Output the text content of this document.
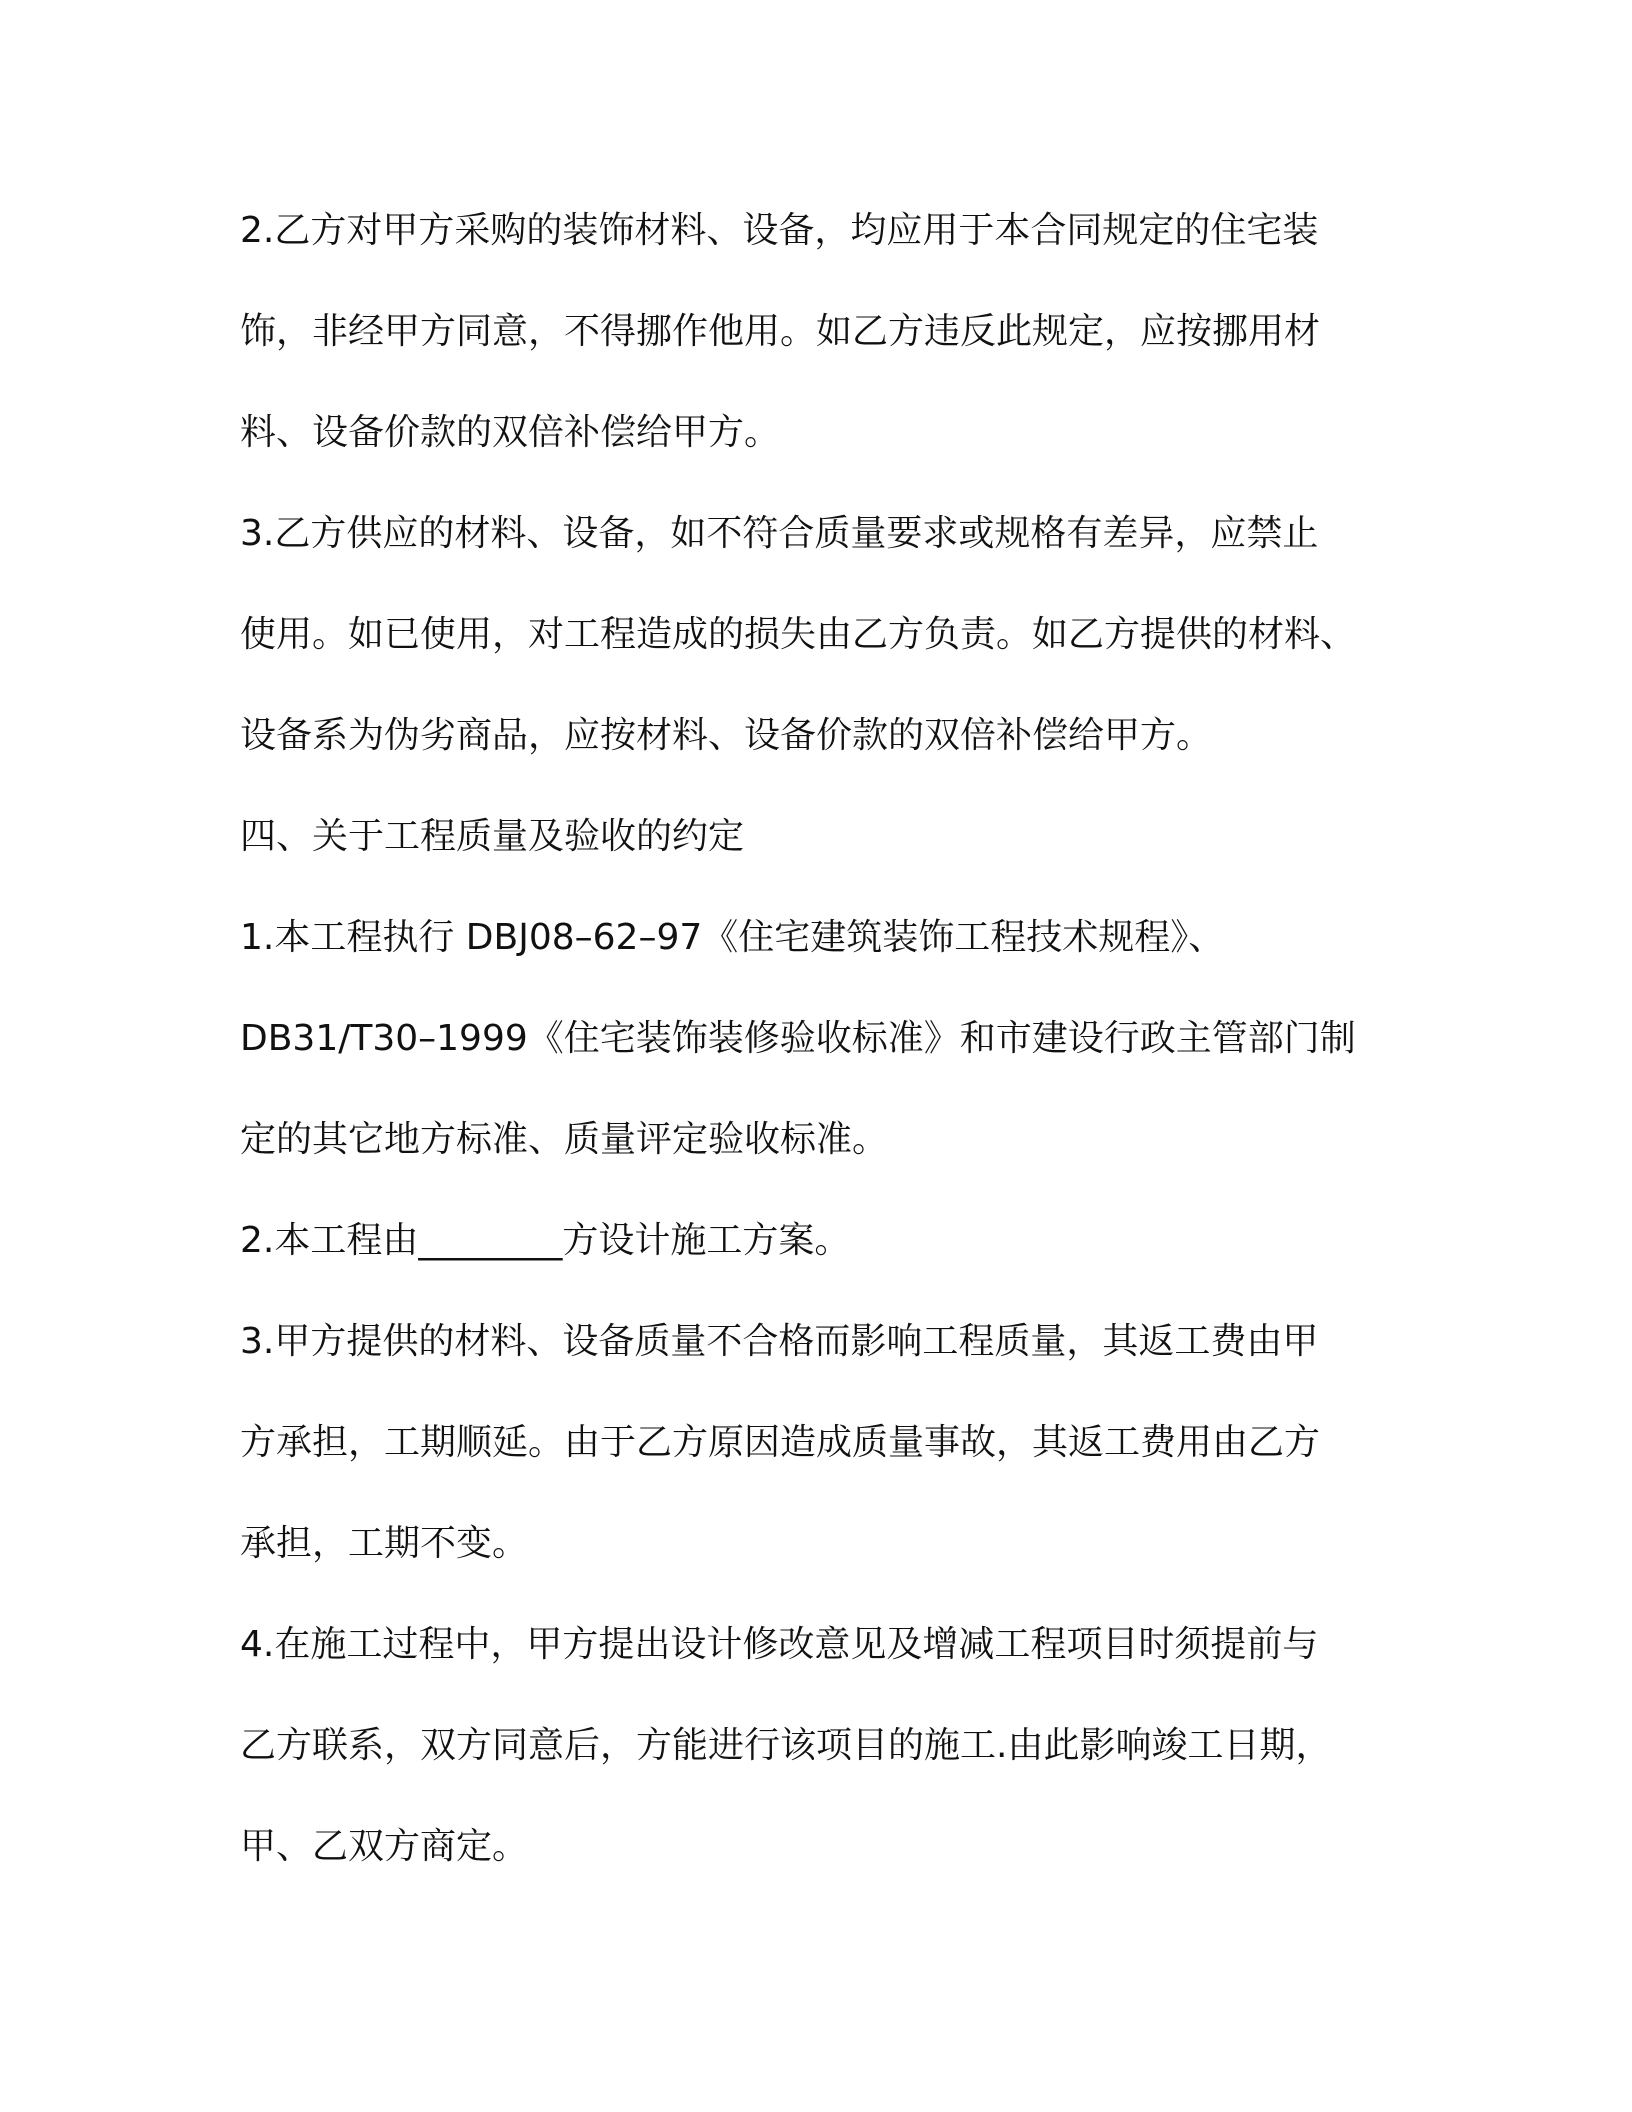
2.乙方对甲方采购的装饰材料、设备，均应用于本合同规定的住宅装
饰，非经甲方同意，不得挪作他用。如乙方违反此规定，应按挪用材
料、设备价款的双倍补偿给甲方。
3.乙方供应的材料、设备，如不符合质量要求或规格有差异，应禁止
使用。如已使用，对工程造成的损失由乙方负责。如乙方提供的材料、
设备系为伪劣商品，应按材料、设备价款的双倍补偿给甲方。
四、关于工程质量及验收的约定
1.本工程执行 DBJ08–62–97《住宅建筑装饰工程技术规程》、
DB31/T30–1999《住宅装饰装修验收标准》和市建设行政主管部门制
定的其它地方标准、质量评定验收标准。
2.本工程由________方设计施工方案。
3.甲方提供的材料、设备质量不合格而影响工程质量，其返工费由甲
方承担，工期顺延。由于乙方原因造成质量事故，其返工费用由乙方
承担，工期不变。
4.在施工过程中，甲方提出设计修改意见及增减工程项目时须提前与
乙方联系，双方同意后，方能进行该项目的施工.由此影响竣工日期，
甲、乙双方商定。
